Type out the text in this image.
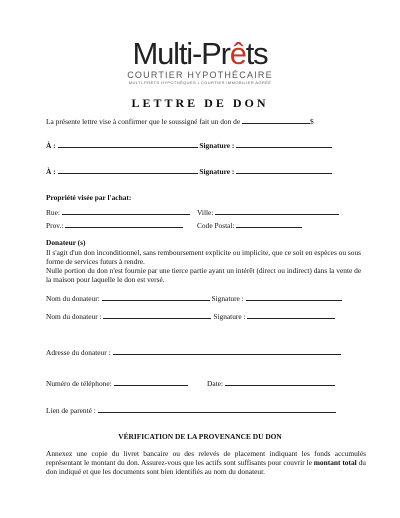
Multi-Prêts
COURTIER HYPOTHÉCAIRE
MULTI-PRÊTS HYPOTHÈQUES • COURTIER IMMOBILIER AGRÉÉ
LETTRE DE DON
La présente lettre vise à confirmer que le soussigné fait un don de	$
À :	Signature :
À :	Signature :
Propriété visée par l'achat:
Rue:	Ville:
Prov.:	Code Postal:
Donateur (s)
Il s'agit d'un don inconditionnel, sans remboursement explicite ou implicite, que ce soit en espèces ou sous forme de services futurs à rendre.
Nulle portion du don n'est fournie par une tierce partie ayant un intérêt (direct ou indirect) dans la vente de la maison pour laquelle le don est versé.
Nom du donateur:	Signature :
Nom du donateur :	Signature :
Adresse du donateur :
Numéro de téléphone:	Date:
Lien de parenté :
VÉRIFICATION DE LA PROVENANCE DU DON
Annexez une copie du livret bancaire ou des relevés de placement indiquant les fonds accumulés représentant le montant du don. Assurez-vous que les actifs sont suffisants pour couvrir le montant total du don indiqué et que les documents sont bien identifiés au nom du donateur.
